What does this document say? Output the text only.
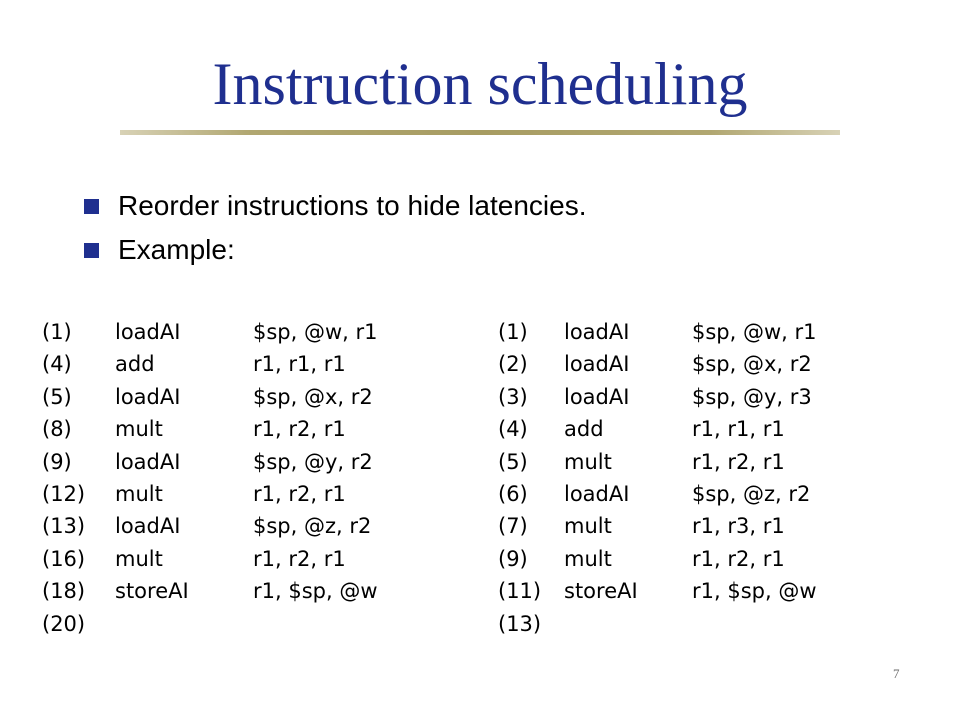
Instruction scheduling
Reorder instructions to hide latencies.
Example:
(1)	loadAI	$sp, @w, r1
(4)	add	r1, r1, r1
(5)	loadAI	$sp, @x, r2
(8)	mult	r1, r2, r1
(9)	loadAI	$sp, @y, r2
(12)	mult	r1, r2, r1
(13)	loadAI	$sp, @z, r2
(16)	mult	r1, r2, r1
(18)	storeAI	r1, $sp, @w
(20)		
(1)	loadAI	$sp, @w, r1
(2)	loadAI	$sp, @x, r2
(3)	loadAI	$sp, @y, r3
(4)	add	r1, r1, r1
(5)	mult	r1, r2, r1
(6)	loadAI	$sp, @z, r2
(7)	mult	r1, r3, r1
(9)	mult	r1, r2, r1
(11)	storeAI	r1, $sp, @w
(13)		
7
